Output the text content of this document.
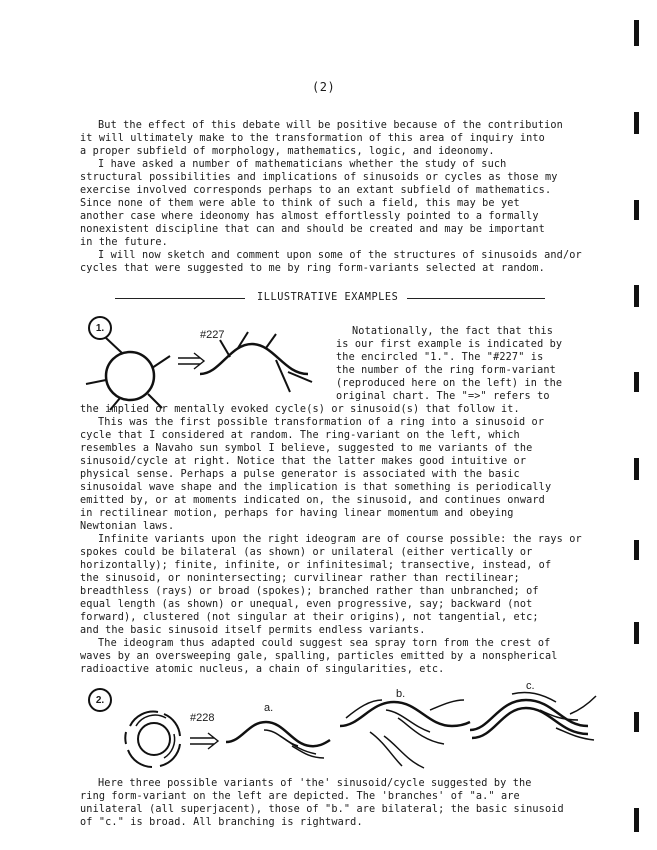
(2)
But the effect of this debate will be positive because of the contribution
it will ultimately make to the transformation of this area of inquiry into
a proper subfield of morphology, mathematics, logic, and ideonomy.
I have asked a number of mathematicians whether the study of such
structural possibilities and implications of sinusoids or cycles as those my
exercise involved corresponds perhaps to an extant subfield of mathematics.
Since none of them were able to think of such a field, this may be yet
another case where ideonomy has almost effortlessly pointed to a formally
nonexistent discipline that can and should be created and may be important
in the future.
I will now sketch and comment upon some of the structures of sinusoids and/or
cycles that were suggested to me by ring form-variants selected at random.
ILLUSTRATIVE EXAMPLES
1.
#227	Notationally, the fact that this
is our first example is indicated by
the encircled "1.". The "#227" is
the number of the ring form-variant
(reproduced here on the left) in the
original chart. The "=>" refers to
the implied or mentally evoked cycle(s) or sinusoid(s) that follow it.
This was the first possible transformation of a ring into a sinusoid or
cycle that I considered at random. The ring-variant on the left, which
resembles a Navaho sun symbol I believe, suggested to me variants of the
sinusoid/cycle at right. Notice that the latter makes good intuitive or
physical sense. Perhaps a pulse generator is associated with the basic
sinusoidal wave shape and the implication is that something is periodically
emitted by, or at moments indicated on, the sinusoid, and continues onward
in rectilinear motion, perhaps for having linear momentum and obeying
Newtonian laws.
Infinite variants upon the right ideogram are of course possible: the rays or
spokes could be bilateral (as shown) or unilateral (either vertically or
horizontally); finite, infinite, or infinitesimal; transective, instead, of
the sinusoid, or nonintersecting; curvilinear rather than rectilinear;
breadthless (rays) or broad (spokes); branched rather than unbranched; of
equal length (as shown) or unequal, even progressive, say; backward (not
forward), clustered (not singular at their origins), not tangential, etc;
and the basic sinusoid itself permits endless variants.
The ideogram thus adapted could suggest sea spray torn from the crest of
waves by an oversweeping gale, spalling, particles emitted by a nonspherical
radioactive atomic nucleus, a chain of singularities, etc.
2.
#228
a.
b.
c.
Here three possible variants of 'the' sinusoid/cycle suggested by the
ring form-variant on the left are depicted. The 'branches' of "a." are
unilateral (all superjacent), those of "b." are bilateral; the basic sinusoid
of "c." is broad. All branching is rightward.
